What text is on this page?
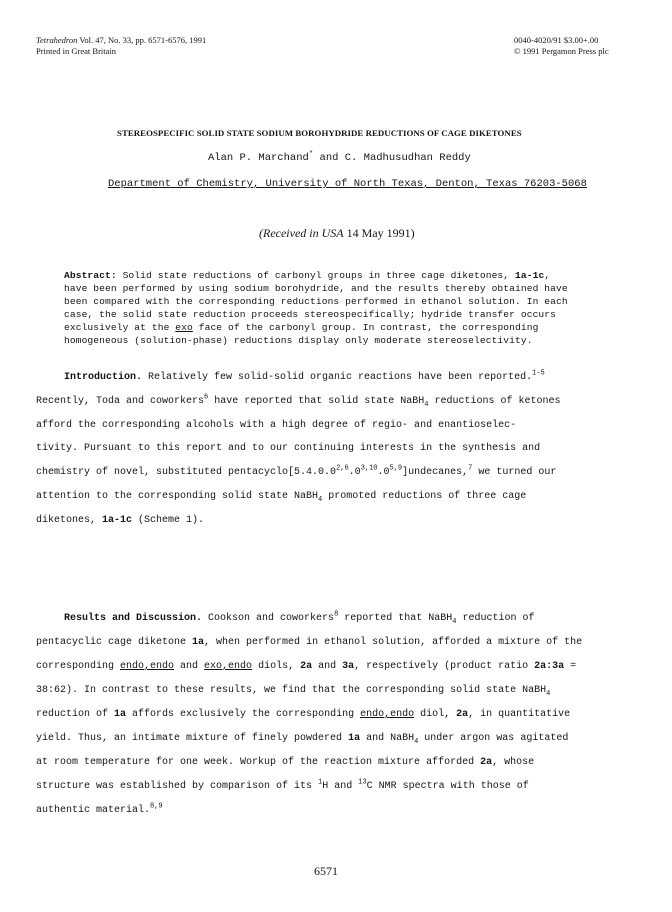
Tetrahedron Vol. 47, No. 33, pp. 6571-6576, 1991
Printed in Great Britain
0040-4020/91 $3.00+.00
© 1991 Pergamon Press plc
STEREOSPECIFIC SOLID STATE SODIUM BOROHYDRIDE REDUCTIONS OF CAGE DIKETONES
Alan P. Marchand* and C. Madhusudhan Reddy
Department of Chemistry, University of North Texas, Denton, Texas 76203-5068
(Received in USA 14 May 1991)
Abstract: Solid state reductions of carbonyl groups in three cage diketones, 1a-1c,
have been performed by using sodium borohydride, and the results thereby obtained have
been compared with the corresponding reductions performed in ethanol solution. In each
case, the solid state reduction proceeds stereospecifically; hydride transfer occurs
exclusively at the exo face of the carbonyl group. In contrast, the corresponding
homogeneous (solution-phase) reductions display only moderate stereoselectivity.
Introduction. Relatively few solid-solid organic reactions have been reported.$^{1-5}$
Recently, Toda and coworkers$^6$ have reported that solid state NaBH$_4$ reductions of ketones
afford the corresponding alcohols with a high degree of regio- and enantioselec-
tivity. Pursuant to this report and to our continuing interests in the synthesis and
chemistry of novel, substituted pentacyclo[5.4.0.0$^{2,6}$.0$^{3,10}$.0$^{5,9}$]undecanes,$^7$ we turned our
attention to the corresponding solid state NaBH$_4$ promoted reductions of three cage
diketones, 1a-1c (Scheme 1).
Results and Discussion. Cookson and coworkers$^8$ reported that NaBH$_4$ reduction of
pentacyclic cage diketone 1a, when performed in ethanol solution, afforded a mixture of the
corresponding endo,endo and exo,endo diols, 2a and 3a, respectively (product ratio 2a:3a =
38:62). In contrast to these results, we find that the corresponding solid state NaBH$_4$
reduction of 1a affords exclusively the corresponding endo,endo diol, 2a, in quantitative
yield. Thus, an intimate mixture of finely powdered 1a and NaBH$_4$ under argon was agitated
at room temperature for one week. Workup of the reaction mixture afforded 2a, whose
structure was established by comparison of its $^1$H and $^{13}$C NMR spectra with those of
authentic material.$^{8,9}$
6571
